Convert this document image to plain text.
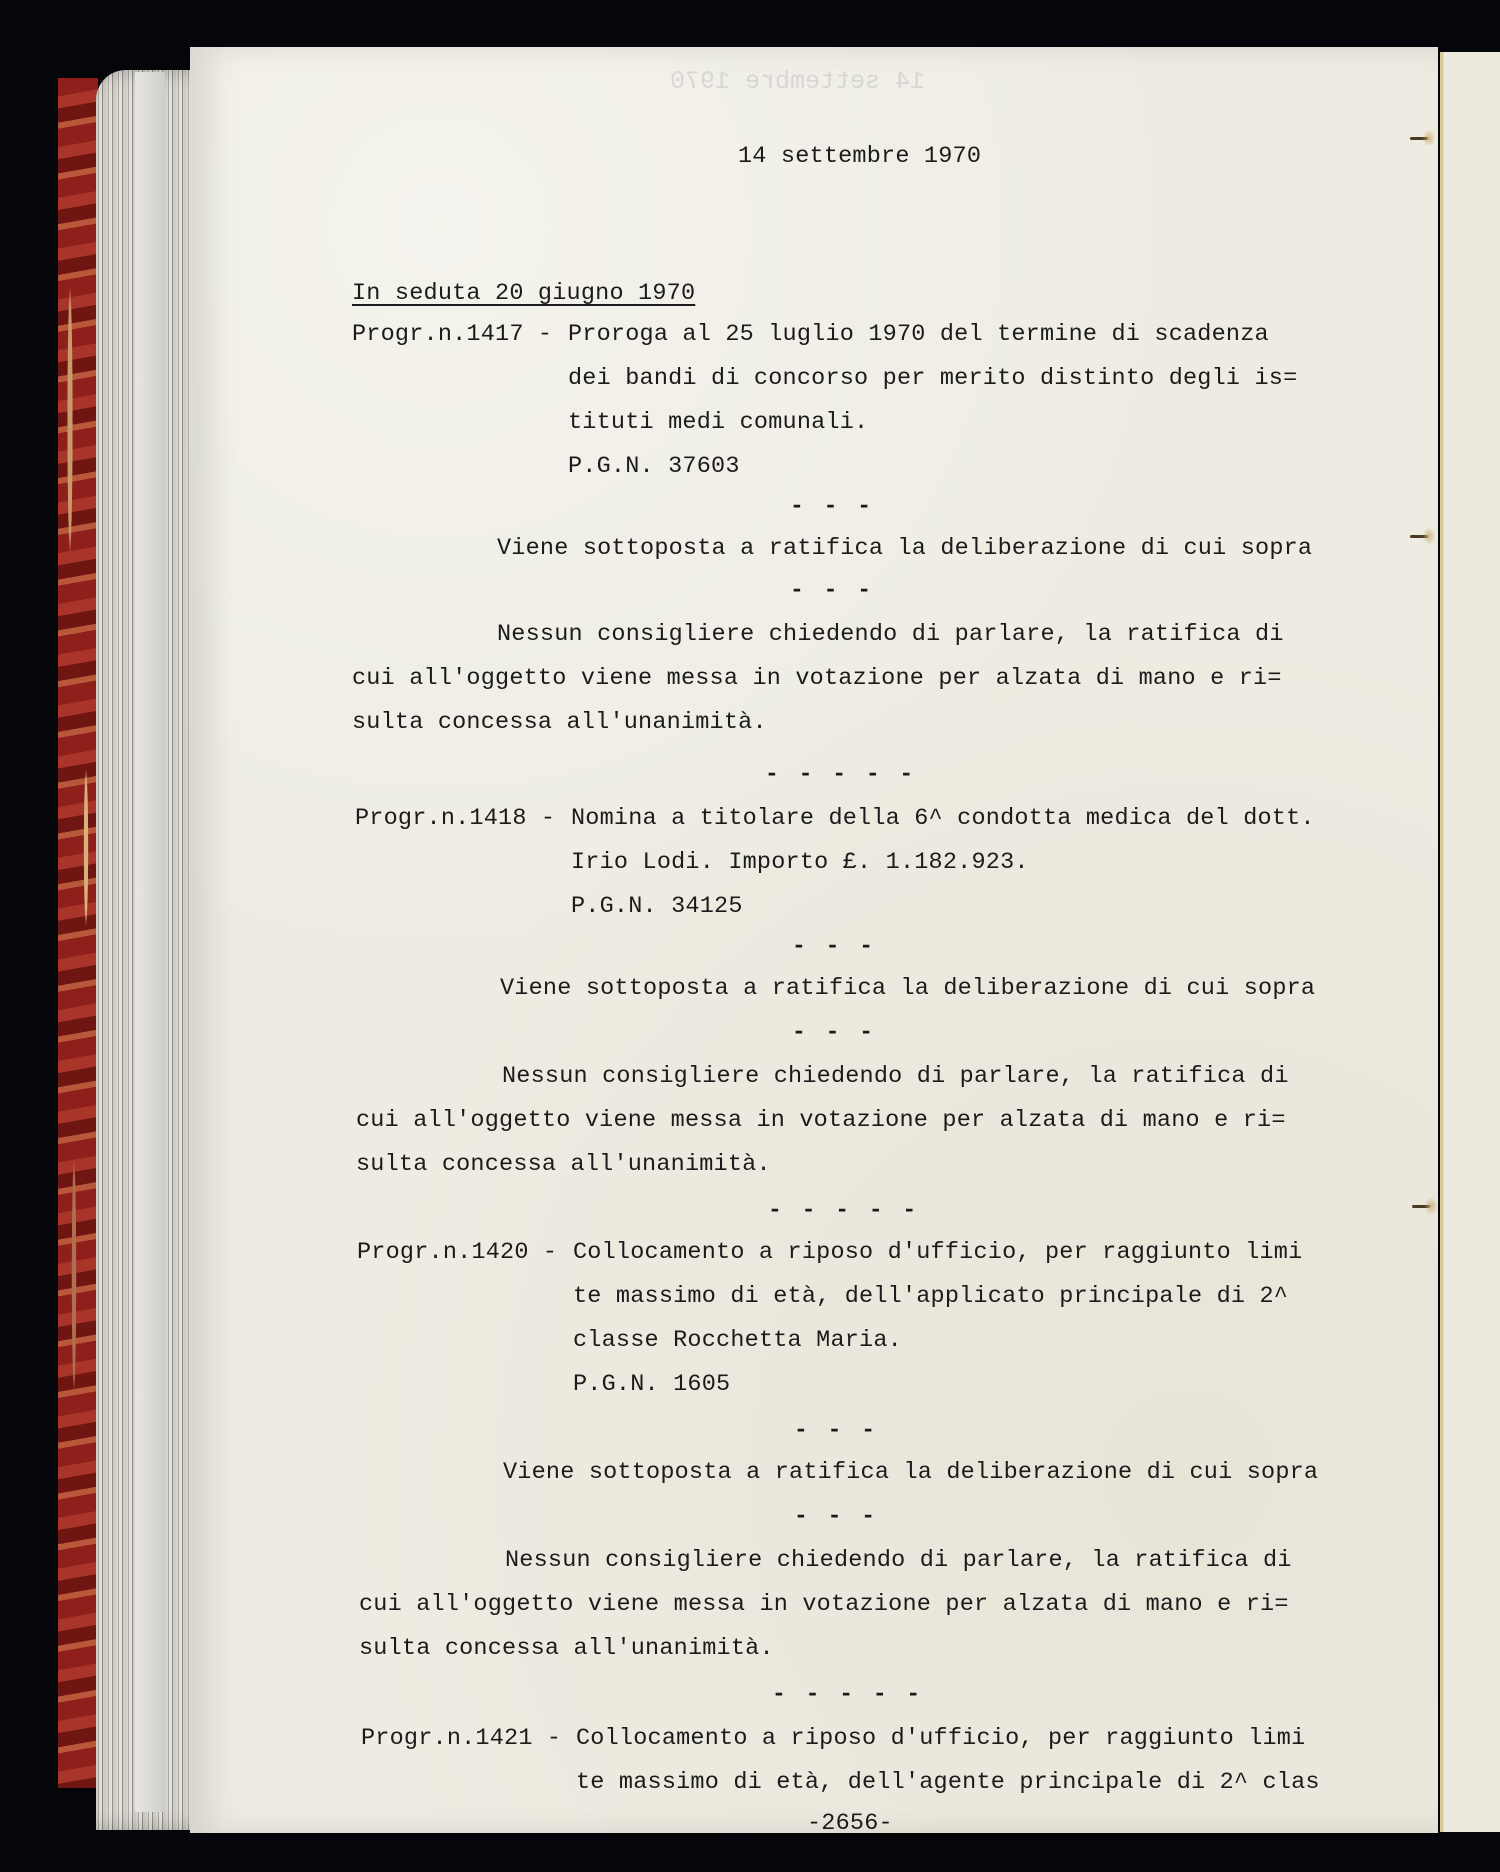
14 settembre 1970
14 settembre 1970
In seduta 20 giugno 1970
Progr.n.1417 - Proroga al 25 luglio 1970 del termine di scadenza
dei bandi di concorso per merito distinto degli is=
tituti medi comunali.
P.G.N. 37603
- - -
Viene sottoposta a ratifica la deliberazione di cui sopra
- - -
Nessun consigliere chiedendo di parlare, la ratifica di
cui all'oggetto viene messa in votazione per alzata di mano e ri=
sulta concessa all'unanimità.
- - - - -
Progr.n.1418 - Nomina a titolare della 6^ condotta medica del dott.
Irio Lodi. Importo £. 1.182.923.
P.G.N. 34125
- - -
Viene sottoposta a ratifica la deliberazione di cui sopra
- - -
Nessun consigliere chiedendo di parlare, la ratifica di
cui all'oggetto viene messa in votazione per alzata di mano e ri=
sulta concessa all'unanimità.
- - - - -
Progr.n.1420 - Collocamento a riposo d'ufficio, per raggiunto limi
te massimo di età, dell'applicato principale di 2^
classe Rocchetta Maria.
P.G.N. 1605
- - -
Viene sottoposta a ratifica la deliberazione di cui sopra
- - -
Nessun consigliere chiedendo di parlare, la ratifica di
cui all'oggetto viene messa in votazione per alzata di mano e ri=
sulta concessa all'unanimità.
- - - - -
Progr.n.1421 - Collocamento a riposo d'ufficio, per raggiunto limi
te massimo di età, dell'agente principale di 2^ clas
-2656-
